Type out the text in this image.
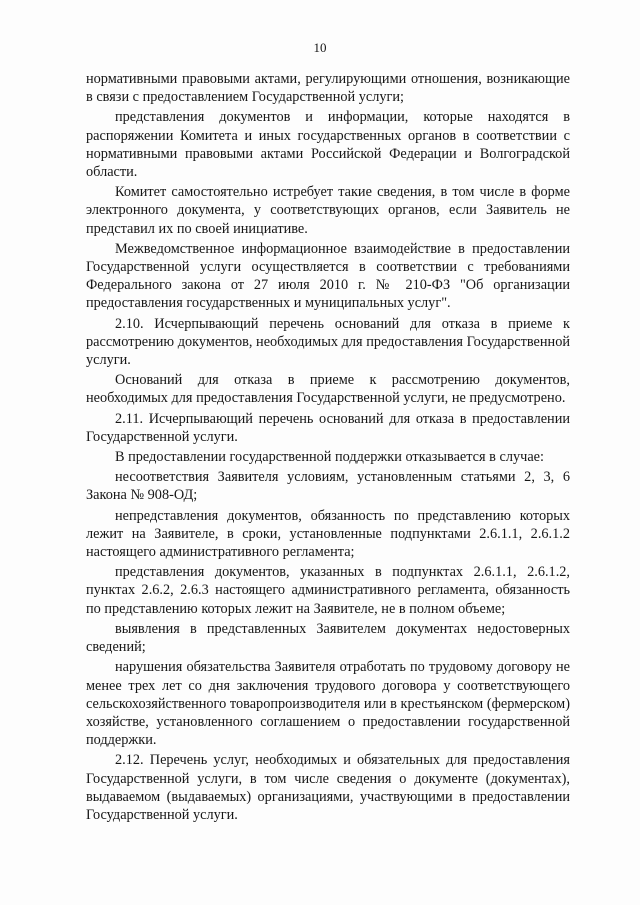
10

нормативными правовыми актами, регулирующими отношения, возникающие в связи с предоставлением Государственной услуги;

представления документов и информации, которые находятся в распоряжении Комитета и иных государственных органов в соответствии с нормативными правовыми актами Российской Федерации и Волгоградской области.

Комитет самостоятельно истребует такие сведения, в том числе в форме электронного документа, у соответствующих органов, если Заявитель не представил их по своей инициативе.

Межведомственное информационное взаимодействие в предоставлении Государственной услуги осуществляется в соответствии с требованиями Федерального закона от 27 июля 2010 г. № 210-ФЗ "Об организации предоставления государственных и муниципальных услуг".

2.10. Исчерпывающий перечень оснований для отказа в приеме к рассмотрению документов, необходимых для предоставления Государственной услуги.

Оснований для отказа в приеме к рассмотрению документов, необходимых для предоставления Государственной услуги, не предусмотрено.

2.11. Исчерпывающий перечень оснований для отказа в предоставлении Государственной услуги.

В предоставлении государственной поддержки отказывается в случае:

несоответствия Заявителя условиям, установленным статьями 2, 3, 6 Закона № 908-ОД;

непредставления документов, обязанность по представлению которых лежит на Заявителе, в сроки, установленные подпунктами 2.6.1.1, 2.6.1.2 настоящего административного регламента;

представления документов, указанных в подпунктах 2.6.1.1, 2.6.1.2, пунктах 2.6.2, 2.6.3 настоящего административного регламента, обязанность по представлению которых лежит на Заявителе, не в полном объеме;

выявления в представленных Заявителем документах недостоверных сведений;

нарушения обязательства Заявителя отработать по трудовому договору не менее трех лет со дня заключения трудового договора у соответствующего сельскохозяйственного товаропроизводителя или в крестьянском (фермерском) хозяйстве, установленного соглашением о предоставлении государственной поддержки.

2.12. Перечень услуг, необходимых и обязательных для предоставления Государственной услуги, в том числе сведения о документе (документах), выдаваемом (выдаваемых) организациями, участвующими в предоставлении Государственной услуги.
